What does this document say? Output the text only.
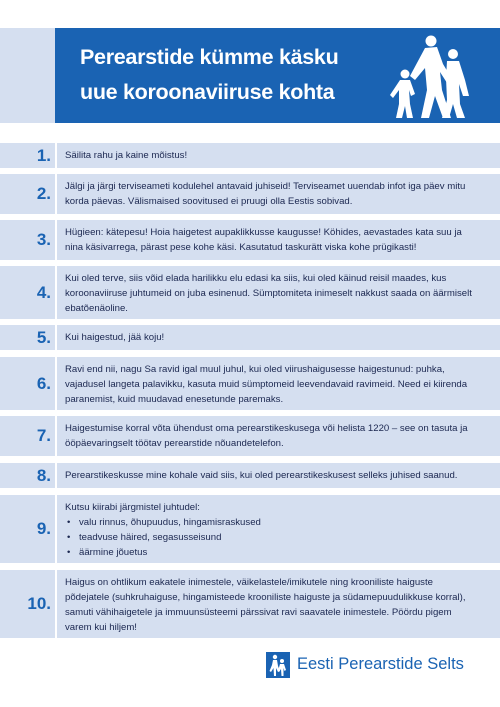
Perearstide kümme käsku
uue koroonaviiruse kohta
1. Säilita rahu ja kaine mõistus!
2. Jälgi ja järgi terviseameti kodulehel antavaid juhiseid! Terviseamet uuendab infot iga päev mitu
korda päevas. Välismaised soovitused ei pruugi olla Eestis sobivad.
3. Hügieen: kätepesu! Hoia haigetest aupaklikkusse kaugusse! Köhides, aevastades kata suu ja
nina käsivarrega, pärast pese kohe käsi. Kasutatud taskurätt viska kohe prügikasti!
4.
Kui oled terve, siis võid elada harilikku elu edasi ka siis, kui oled käinud reisil maades, kus
koroonaviiruse juhtumeid on juba esinenud. Sümptomiteta inimeselt nakkust saada on äärmiselt
ebatõenäoline.
5. Kui haigestud, jää koju!
6.
Ravi end nii, nagu Sa ravid igal muul juhul, kui oled viirushaigusesse haigestunud: puhka,
vajadusel langeta palavikku, kasuta muid sümptomeid leevendavaid ravimeid. Need ei kiirenda
paranemist, kuid muudavad enesetunde paremaks.
7. Haigestumise korral võta ühendust oma perearstikeskusega või helista 1220 – see on tasuta ja
ööpäevaringselt töötav perearstide nõuandetelefon.
8. Perearstikeskusse mine kohale vaid siis, kui oled perearstikeskusest selleks juhised saanud.
9.
Kutsu kiirabi järgmistel juhtudel:
• valu rinnus, õhupuudus, hingamisraskused
• teadvuse häired, segasusseisund
• äärmine jõuetus
10.
Haigus on ohtlikum eakatele inimestele, väikelastele/imikutele ning krooniliste haiguste
põdejatele (suhkruhaiguse, hingamisteede krooniliste haiguste ja südamepuudulikkuse korral),
samuti vähihaigetele ja immuunsüsteemi pärssivat ravi saavatele inimestele. Pöördu pigem
varem kui hiljem!
Eesti Perearstide Selts
